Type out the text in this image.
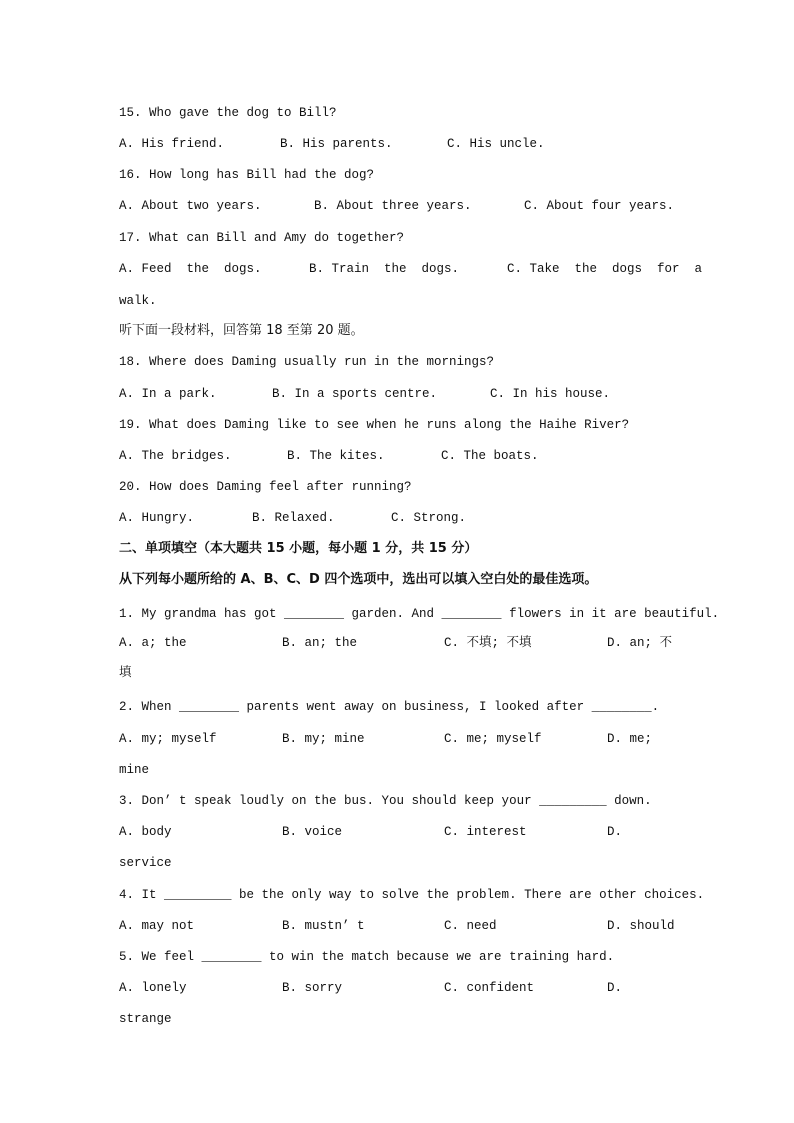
15. Who gave the dog to Bill?
A. His friend.	B. His parents.	C. His uncle.
16. How long has Bill had the dog?
A. About two years.	B. About three years.	C. About four years.
17. What can Bill and Amy do together?
A. Feed  the  dogs.	B. Train  the  dogs.	C. Take  the  dogs  for  a
walk.
听下面一段材料，回答第 18 至第 20 题。
18. Where does Daming usually run in the mornings?
A. In a park.	B. In a sports centre.	C. In his house.
19. What does Daming like to see when he runs along the Haihe River?
A. The bridges.	B. The kites.	C. The boats.
20. How does Daming feel after running?
A. Hungry.	B. Relaxed.	C. Strong.
二、单项填空（本大题共 15 小题，每小题 1 分，共 15 分）
从下列每小题所给的 A、B、C、D 四个选项中，选出可以填入空白处的最佳选项。
1. My grandma has got ________ garden. And ________ flowers in it are beautiful.
A. a; the	B. an; the	C. 不填; 不填	D. an; 不
填
2. When ________ parents went away on business, I looked after ________.
A. my; myself	B. my; mine	C. me; myself	D. me;
mine
3. Don’ t speak loudly on the bus. You should keep your _________ down.
A. body	B. voice	C. interest	D.
service
4. It _________ be the only way to solve the problem. There are other choices.
A. may not	B. mustn’ t	C. need	D. should
5. We feel ________ to win the match because we are training hard.
A. lonely	B. sorry	C. confident	D.
strange
